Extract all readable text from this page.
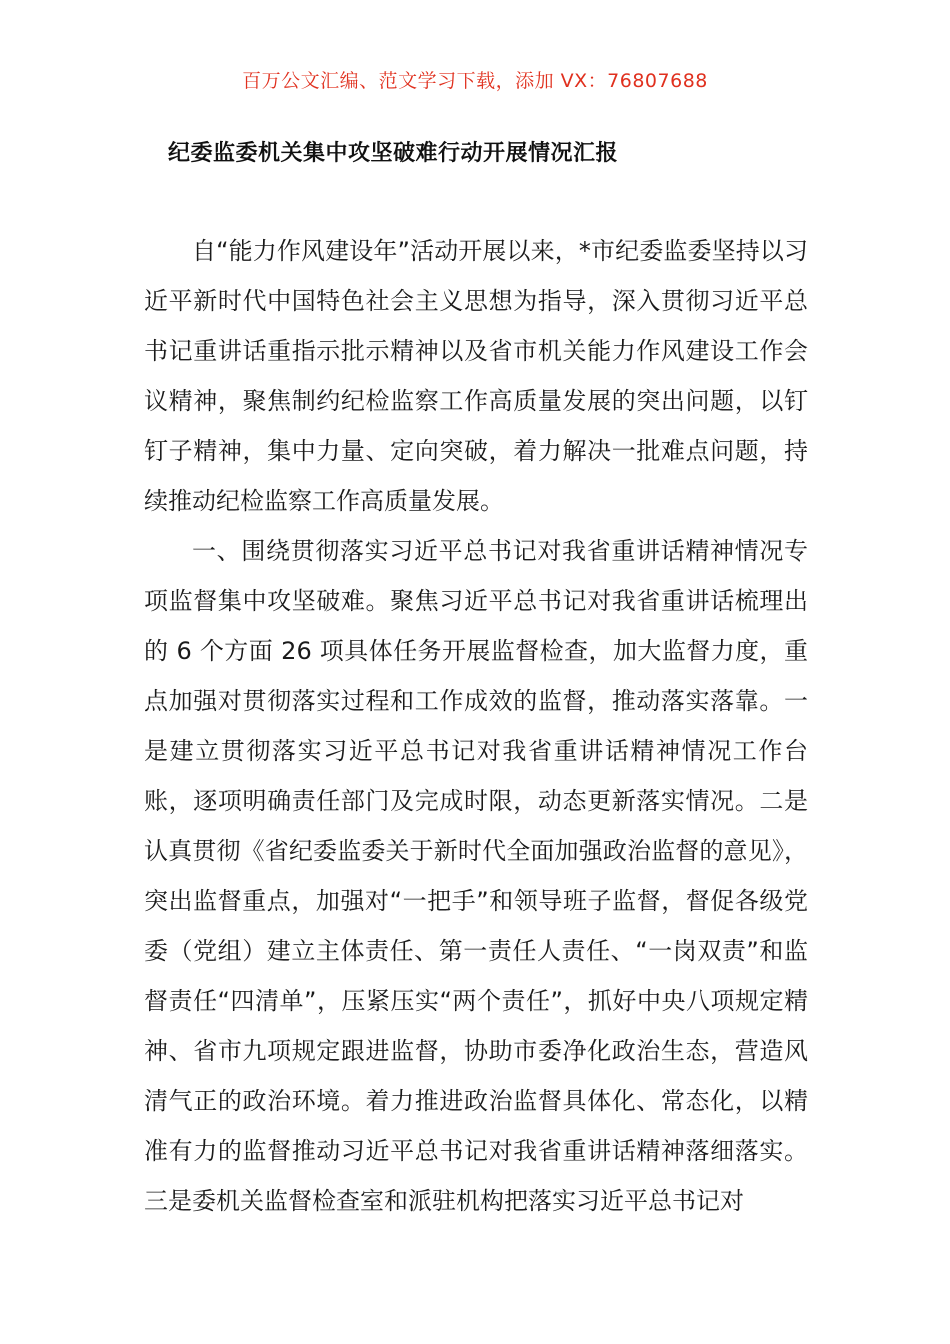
百万公文汇编、范文学习下载，添加 VX：76807688
纪委监委机关集中攻坚破难行动开展情况汇报

自“能力作风建设年”活动开展以来，*市纪委监委坚持以习近平新时代中国特色社会主义思想为指导，深入贯彻习近平总书记重讲话重指示批示精神以及省市机关能力作风建设工作会议精神，聚焦制约纪检监察工作高质量发展的突出问题，以钉钉子精神，集中力量、定向突破，着力解决一批难点问题，持续推动纪检监察工作高质量发展。

一、围绕贯彻落实习近平总书记对我省重讲话精神情况专项监督集中攻坚破难。聚焦习近平总书记对我省重讲话梳理出的 6 个方面 26 项具体任务开展监督检查，加大监督力度，重点加强对贯彻落实过程和工作成效的监督，推动落实落靠。一是建立贯彻落实习近平总书记对我省重讲话精神情况工作台账，逐项明确责任部门及完成时限，动态更新落实情况。二是认真贯彻《省纪委监委关于新时代全面加强政治监督的意见》，突出监督重点，加强对“一把手”和领导班子监督，督促各级党委（党组）建立主体责任、第一责任人责任、“一岗双责”和监督责任“四清单”，压紧压实“两个责任”，抓好中央八项规定精神、省市九项规定跟进监督，协助市委净化政治生态，营造风清气正的政治环境。着力推进政治监督具体化、常态化，以精准有力的监督推动习近平总书记对我省重讲话精神落细落实。三是委机关监督检查室和派驻机构把落实习近平总书记对
